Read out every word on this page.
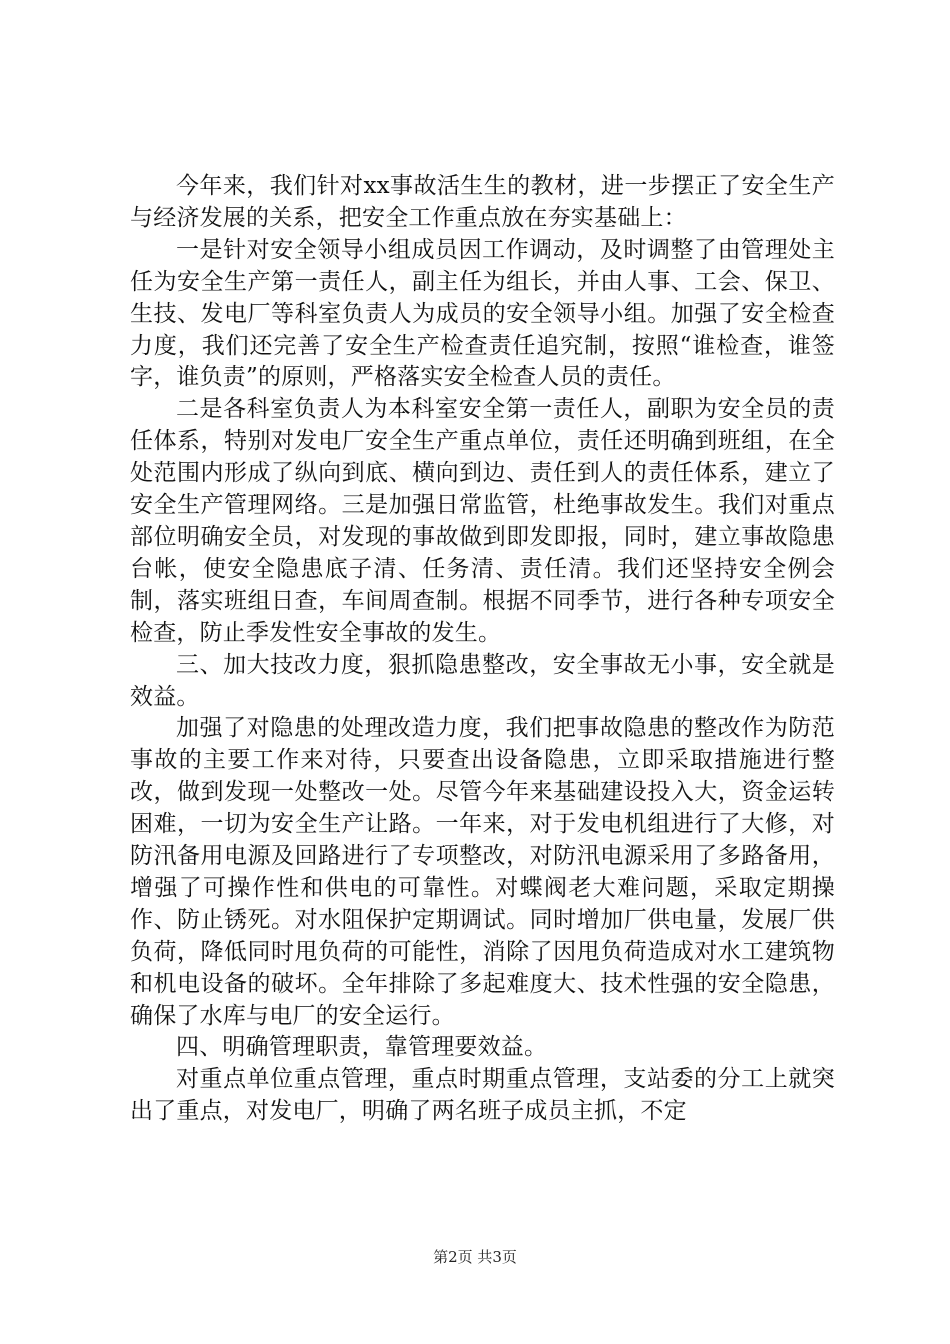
今年来，我们针对xx事故活生生的教材，进一步摆正了安全生产与经济发展的关系，把安全工作重点放在夯实基础上：

一是针对安全领导小组成员因工作调动，及时调整了由管理处主任为安全生产第一责任人，副主任为组长，并由人事、工会、保卫、生技、发电厂等科室负责人为成员的安全领导小组。加强了安全检查力度，我们还完善了安全生产检查责任追究制，按照“谁检查，谁签字，谁负责”的原则，严格落实安全检查人员的责任。

二是各科室负责人为本科室安全第一责任人，副职为安全员的责任体系，特别对发电厂安全生产重点单位，责任还明确到班组，在全处范围内形成了纵向到底、横向到边、责任到人的责任体系，建立了安全生产管理网络。三是加强日常监管，杜绝事故发生。我们对重点部位明确安全员，对发现的事故做到即发即报，同时，建立事故隐患台帐，使安全隐患底子清、任务清、责任清。我们还坚持安全例会制，落实班组日查，车间周查制。根据不同季节，进行各种专项安全检查，防止季发性安全事故的发生。

三、加大技改力度，狠抓隐患整改，安全事故无小事，安全就是效益。

加强了对隐患的处理改造力度，我们把事故隐患的整改作为防范事故的主要工作来对待，只要查出设备隐患，立即采取措施进行整改，做到发现一处整改一处。尽管今年来基础建设投入大，资金运转困难，一切为安全生产让路。一年来，对于发电机组进行了大修，对防汛备用电源及回路进行了专项整改，对防汛电源采用了多路备用，增强了可操作性和供电的可靠性。对蝶阀老大难问题，采取定期操作、防止锈死。对水阻保护定期调试。同时增加厂供电量，发展厂供负荷，降低同时甩负荷的可能性，消除了因甩负荷造成对水工建筑物和机电设备的破坏。全年排除了多起难度大、技术性强的安全隐患，确保了水库与电厂的安全运行。

四、明确管理职责，靠管理要效益。

对重点单位重点管理，重点时期重点管理，支站委的分工上就突出了重点，对发电厂，明确了两名班子成员主抓，不定

第2页 共3页
